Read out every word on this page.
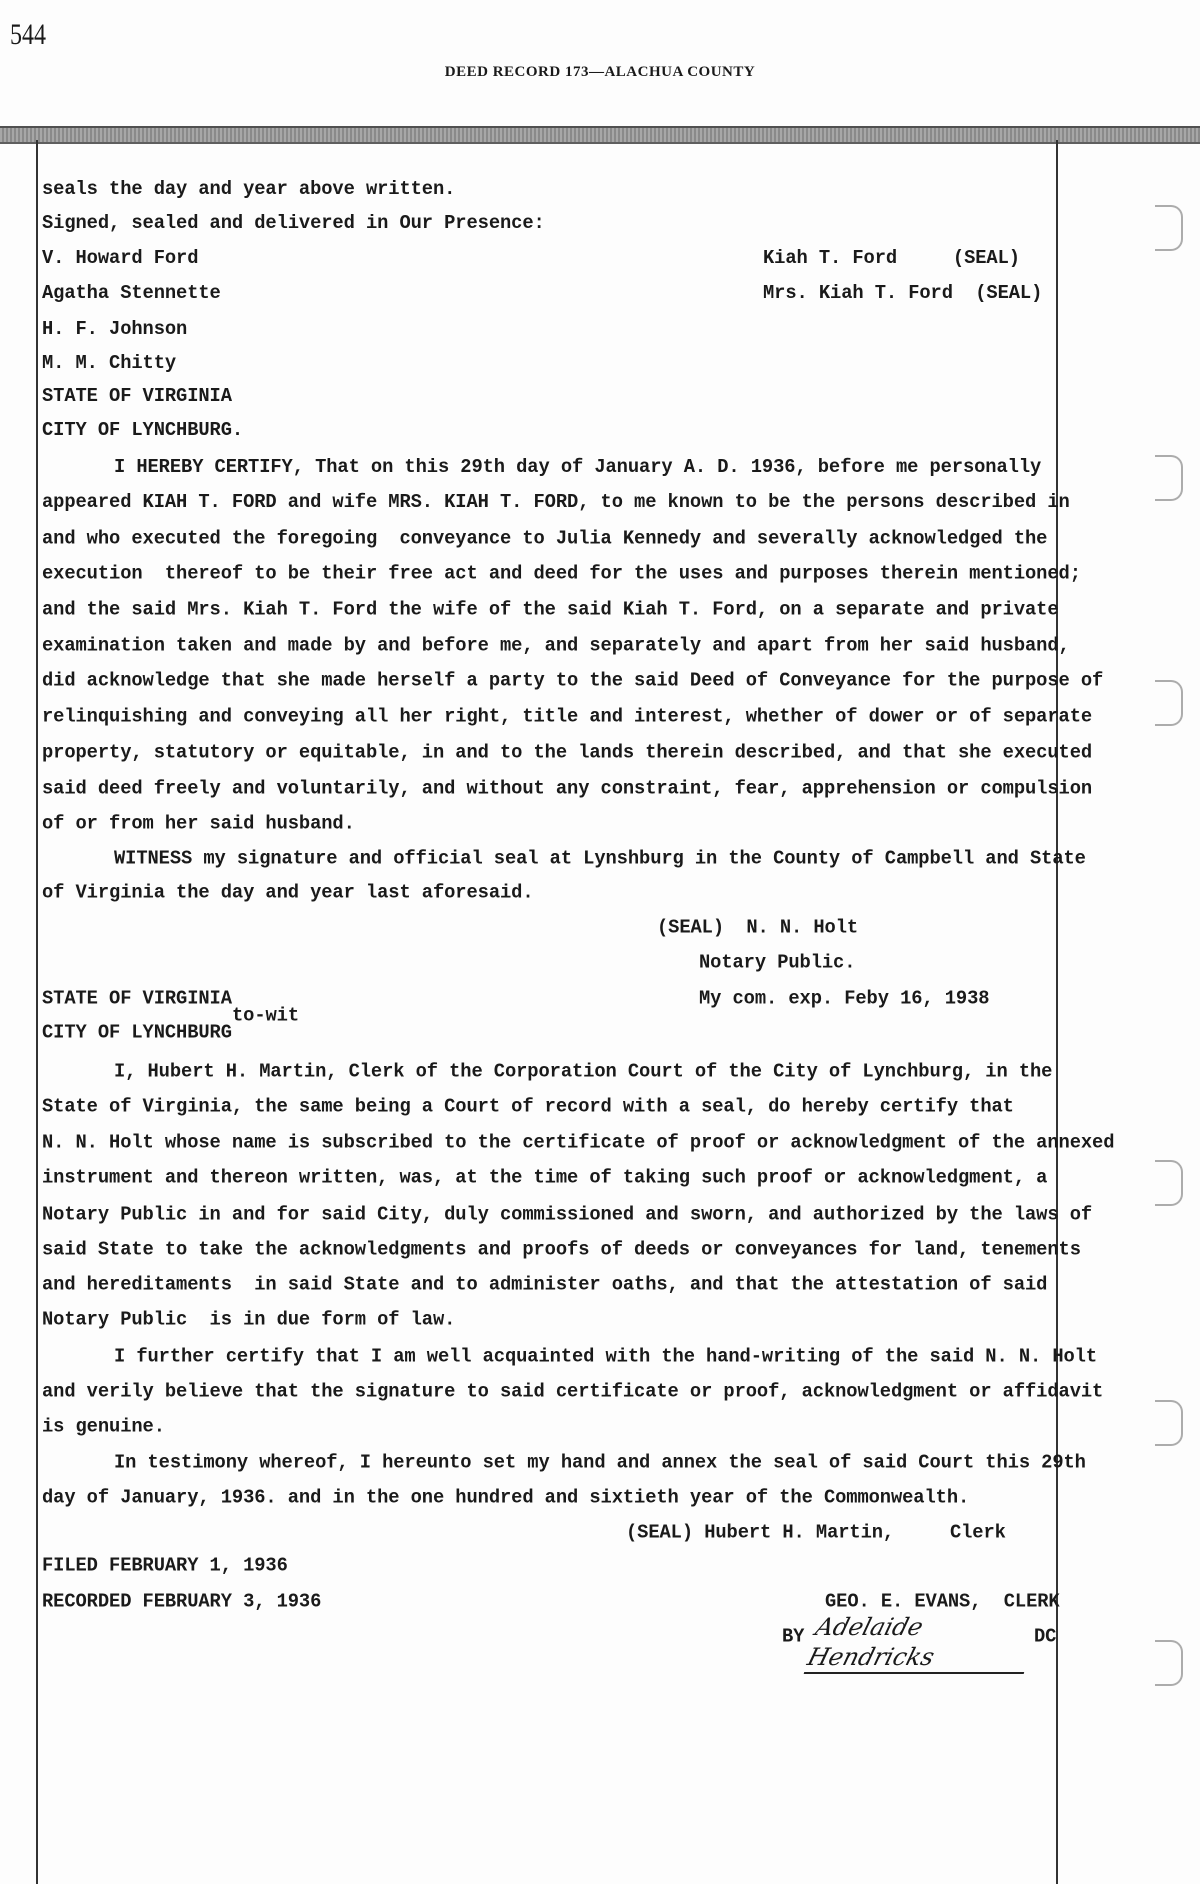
544
DEED RECORD 173—ALACHUA COUNTY
seals the day and year above written.
Signed, sealed and delivered in Our Presence:
V. Howard Ford	Kiah T. Ford     (SEAL)
Agatha Stennette	Mrs. Kiah T. Ford  (SEAL)
H. F. Johnson
M. M. Chitty
STATE OF VIRGINIA
CITY OF LYNCHBURG.
I HEREBY CERTIFY, That on this 29th day of January A. D. 1936, before me personally
appeared KIAH T. FORD and wife MRS. KIAH T. FORD, to me known to be the persons described in
and who executed the foregoing  conveyance to Julia Kennedy and severally acknowledged the
execution  thereof to be their free act and deed for the uses and purposes therein mentioned;
and the said Mrs. Kiah T. Ford the wife of the said Kiah T. Ford, on a separate and private
examination taken and made by and before me, and separately and apart from her said husband,
did acknowledge that she made herself a party to the said Deed of Conveyance for the purpose of
relinquishing and conveying all her right, title and interest, whether of dower or of separate
property, statutory or equitable, in and to the lands therein described, and that she executed
said deed freely and voluntarily, and without any constraint, fear, apprehension or compulsion
of or from her said husband.
WITNESS my signature and official seal at Lynshburg in the County of Campbell and State
of Virginia the day and year last aforesaid.
(SEAL)  N. N. Holt
Notary Public.
STATE OF VIRGINIA	My com. exp. Feby 16, 1938
to-wit
CITY OF LYNCHBURG
I, Hubert H. Martin, Clerk of the Corporation Court of the City of Lynchburg, in the
State of Virginia, the same being a Court of record with a seal, do hereby certify that
N. N. Holt whose name is subscribed to the certificate of proof or acknowledgment of the annexed
instrument and thereon written, was, at the time of taking such proof or acknowledgment, a
Notary Public in and for said City, duly commissioned and sworn, and authorized by the laws of
said State to take the acknowledgments and proofs of deeds or conveyances for land, tenements
and hereditaments  in said State and to administer oaths, and that the attestation of said
Notary Public  is in due form of law.
I further certify that I am well acquainted with the hand-writing of the said N. N. Holt
and verily believe that the signature to said certificate or proof, acknowledgment or affidavit
is genuine.
In testimony whereof, I hereunto set my hand and annex the seal of said Court this 29th
day of January, 1936. and in the one hundred and sixtieth year of the Commonwealth.
(SEAL) Hubert H. Martin,     Clerk
FILED FEBRUARY 1, 1936
RECORDED FEBRUARY 3, 1936	GEO. E. EVANS,  CLERK
BY Adelaide Hendricks
DC
